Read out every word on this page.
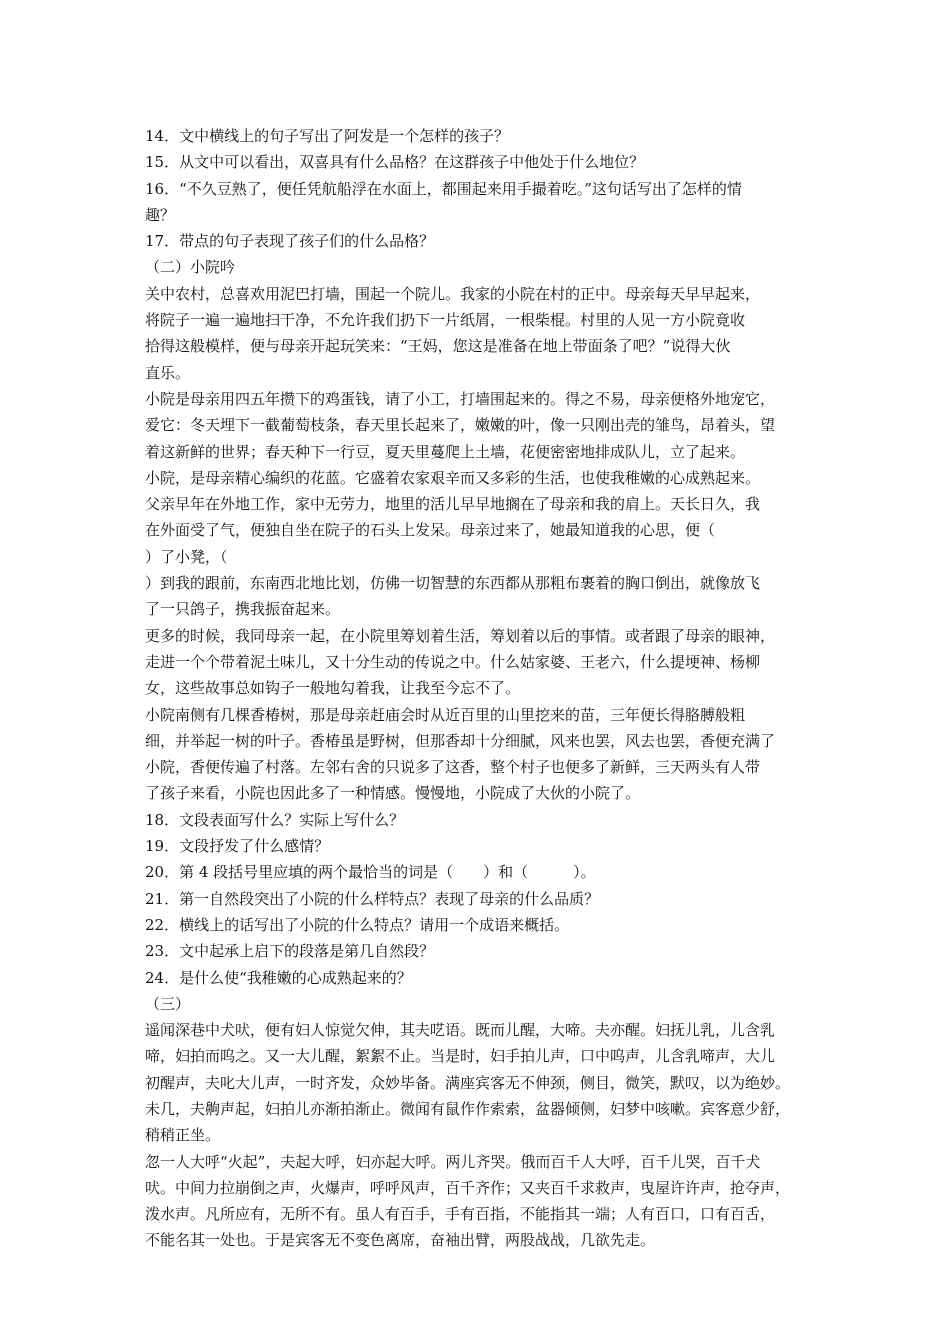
14．文中横线上的句子写出了阿发是一个怎样的孩子？
15．从文中可以看出，双喜具有什么品格？在这群孩子中他处于什么地位？
16．“不久豆熟了，便任凭航船浮在水面上，都围起来用手撮着吃。”这句话写出了怎样的情
趣？
17．带点的句子表现了孩子们的什么品格？
（二）小院吟
关中农村，总喜欢用泥巴打墙，围起一个院儿。我家的小院在村的正中。母亲每天早早起来，
将院子一遍一遍地扫干净，不允许我们扔下一片纸屑，一根柴棍。村里的人见一方小院竟收
拾得这般模样，便与母亲开起玩笑来：“王妈，您这是准备在地上带面条了吧？”说得大伙
直乐。
小院是母亲用四五年攒下的鸡蛋钱，请了小工，打墙围起来的。得之不易，母亲便格外地宠它，
爱它：冬天埋下一截葡萄枝条，春天里长起来了，嫩嫩的叶，像一只刚出壳的雏鸟，昂着头，望
着这新鲜的世界；春天种下一行豆，夏天里蔓爬上土墙，花便密密地排成队儿，立了起来。
小院，是母亲精心编织的花蓝。它盛着农家艰辛而又多彩的生活，也使我稚嫩的心成熟起来。
父亲早年在外地工作，家中无劳力，地里的活儿早早地搁在了母亲和我的肩上。天长日久，我
在外面受了气，便独自坐在院子的石头上发呆。母亲过来了，她最知道我的心思，便（
）了小凳，（
）到我的跟前，东南西北地比划，仿佛一切智慧的东西都从那粗布裹着的胸口倒出，就像放飞
了一只鸽子，携我振奋起来。
更多的时候，我同母亲一起，在小院里筹划着生活，筹划着以后的事情。或者跟了母亲的眼神，
走进一个个带着泥土味儿，又十分生动的传说之中。什么姑家婆、王老六，什么提埂神、杨柳
女，这些故事总如钩子一般地勾着我，让我至今忘不了。
小院南侧有几棵香椿树，那是母亲赶庙会时从近百里的山里挖来的苗，三年便长得胳膊般粗
细，并举起一树的叶子。香椿虽是野树，但那香却十分细腻，风来也罢，风去也罢，香便充满了
小院，香便传遍了村落。左邻右舍的只说多了这香，整个村子也便多了新鲜，三天两头有人带
了孩子来看，小院也因此多了一种情感。慢慢地，小院成了大伙的小院了。
18．文段表面写什么？实际上写什么？
19．文段抒发了什么感情？
20．第 4 段括号里应填的两个最恰当的词是（　　）和（　　　）。
21．第一自然段突出了小院的什么样特点？表现了母亲的什么品质？
22．横线上的话写出了小院的什么特点？请用一个成语来概括。
23．文中起承上启下的段落是第几自然段？
24．是什么使“我稚嫩的心成熟起来的？
（三）
遥闻深巷中犬吠，便有妇人惊觉欠伸，其夫呓语。既而儿醒，大啼。夫亦醒。妇抚儿乳，儿含乳
啼，妇拍而呜之。又一大儿醒，絮絮不止。当是时，妇手拍儿声，口中呜声，儿含乳啼声，大儿
初醒声，夫叱大儿声，一时齐发，众妙毕备。满座宾客无不伸颈，侧目，微笑，默叹，以为绝妙。
未几，夫齁声起，妇拍儿亦渐拍渐止。微闻有鼠作作索索，盆器倾侧，妇梦中咳嗽。宾客意少舒，
稍稍正坐。
忽一人大呼“火起”，夫起大呼，妇亦起大呼。两儿齐哭。俄而百千人大呼，百千儿哭，百千犬
吠。中间力拉崩倒之声，火爆声，呼呼风声，百千齐作；又夹百千求救声，曳屋许许声，抢夺声，
泼水声。凡所应有，无所不有。虽人有百手，手有百指，不能指其一端；人有百口，口有百舌，
不能名其一处也。于是宾客无不变色离席，奋袖出臂，两股战战，几欲先走。
